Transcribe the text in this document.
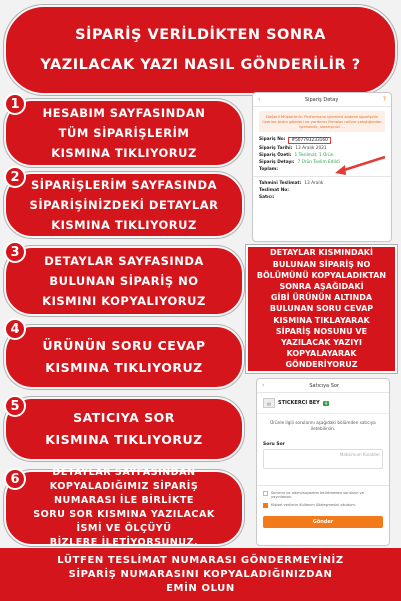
SİPARİŞ VERİLDİKTEN SONRA
YAZILACAK YAZI NASIL GÖNDERİLİR ?
1
HESABIM SAYFASINDAN
TÜM SİPARİŞLERİM
KISMINA TIKLIYORUZ
2
SİPARİŞLERİM SAYFASINDA
SİPARİŞİNİZDEKİ DETAYLAR
KISMINA TIKLIYORUZ
3
DETAYLAR SAYFASINDA
BULUNAN SİPARİŞ NO
KISMINI KOPYALIYORUZ
4
ÜRÜNÜN SORU CEVAP
KISMINA TIKLIYORUZ
5
SATICIYA SOR
KISMINA TIKLIYORUZ
6	DETAYLAR SAYFASINDAN
KOPYALADIĞIMIZ SİPARİŞ
NUMARASI İLE BİRLİKTE
SORU SOR KISMINA YAZILACAK
İSMİ VE ÖLÇÜYÜ
BİZLERE İLETİYORSUNUZ.
‹	Sipariş Detay	?
Değerli Müşterimiz; Performans işlemleri sadece siparişiniz üzerine bizim gönderi ve yardımcı firmalar rolüne çalıştığından işlenebilir, siparişinizi ...
Sipariş No:	#507793233160
Sipariş Tarihi: 13 Aralık 2021
Sipariş Özeti: 1 Teslimat, 1 Ürün
Sipariş Detayı: 7 Ürün Teslim Edildi
Toplam:
Tahmini Teslimat: 13 Aralık
Teslimat No:
Satıcı:
DETAYLAR KISMINDAKİ
BULUNAN SİPARİŞ NO
BÖLÜMÜNÜ KOPYALADIKTAN
SONRA AŞAĞIDAKİ
GİBİ ÜRÜNÜN ALTINDA
BULUNAN SORU CEVAP
KISMINA TIKLAYARAK
SİPARİŞ NOSUNU VE
YAZILACAK YAZIYI
KOPYALAYARAK
GÖNDERİYORUZ
‹	Satıcıya Sor
▤	STICKERCI BEY	9
Ürünle ilgili sorularını aşağıdaki bölümden satıcıya iletebilirsin.
Soru Sor
Maksimum Karakter
Sorumu ve adımı/soyadımı belirtmeden sorulsun ve yayınlansın.
Kişisel verilerin Kullanım Sözleşmesini okudum.
Gönder
LÜTFEN TESLİMAT NUMARASI GÖNDERMEYİNİZ
SİPARİŞ NUMARASINI KOPYALADIĞINIZDAN
EMİN OLUN
